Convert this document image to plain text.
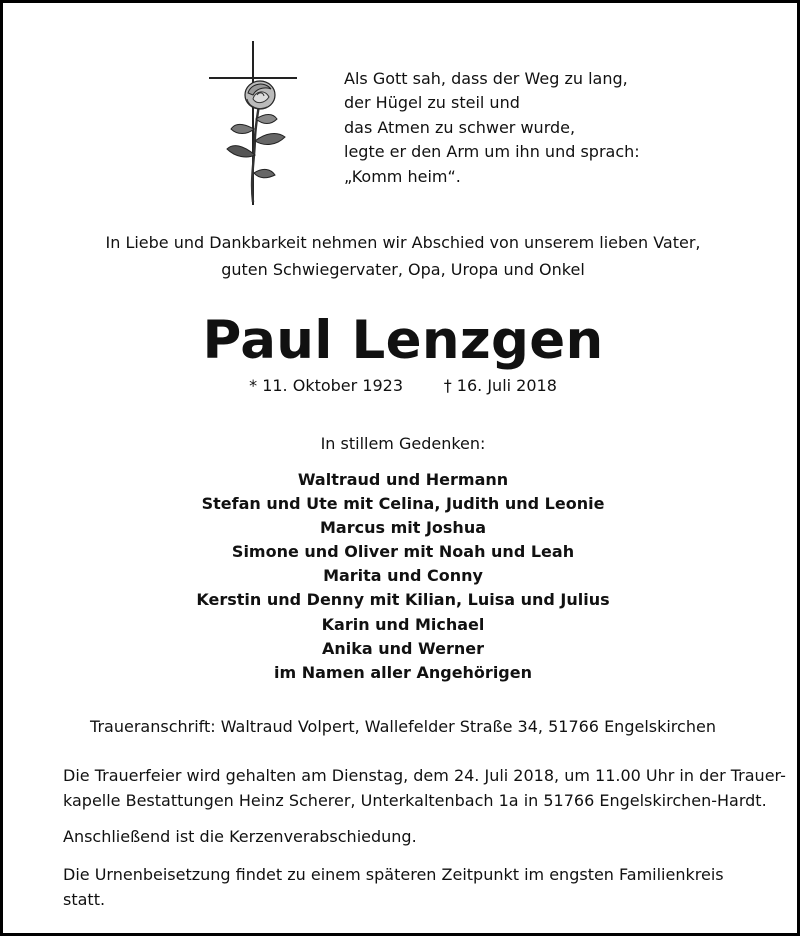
Als Gott sah, dass der Weg zu lang,
der Hügel zu steil und
das Atmen zu schwer wurde,
legte er den Arm um ihn und sprach:
„Komm heim“.
In Liebe und Dankbarkeit nehmen wir Abschied von unserem lieben Vater,
guten Schwiegervater, Opa, Uropa und Onkel
Paul Lenzgen
* 11. Oktober 1923        † 16. Juli 2018
In stillem Gedenken:
Waltraud und Hermann
Stefan und Ute mit Celina, Judith und Leonie
Marcus mit Joshua
Simone und Oliver mit Noah und Leah
Marita und Conny
Kerstin und Denny mit Kilian, Luisa und Julius
Karin und Michael
Anika und Werner
im Namen aller Angehörigen
Traueranschrift: Waltraud Volpert, Wallefelder Straße 34, 51766 Engelskirchen
Die Trauerfeier wird gehalten am Dienstag, dem 24. Juli 2018, um 11.00 Uhr in der Trauer-
kapelle Bestattungen Heinz Scherer, Unterkaltenbach 1a in 51766 Engelskirchen-Hardt.
Anschließend ist die Kerzenverabschiedung.
Die Urnenbeisetzung findet zu einem späteren Zeitpunkt im engsten Familienkreis statt.
